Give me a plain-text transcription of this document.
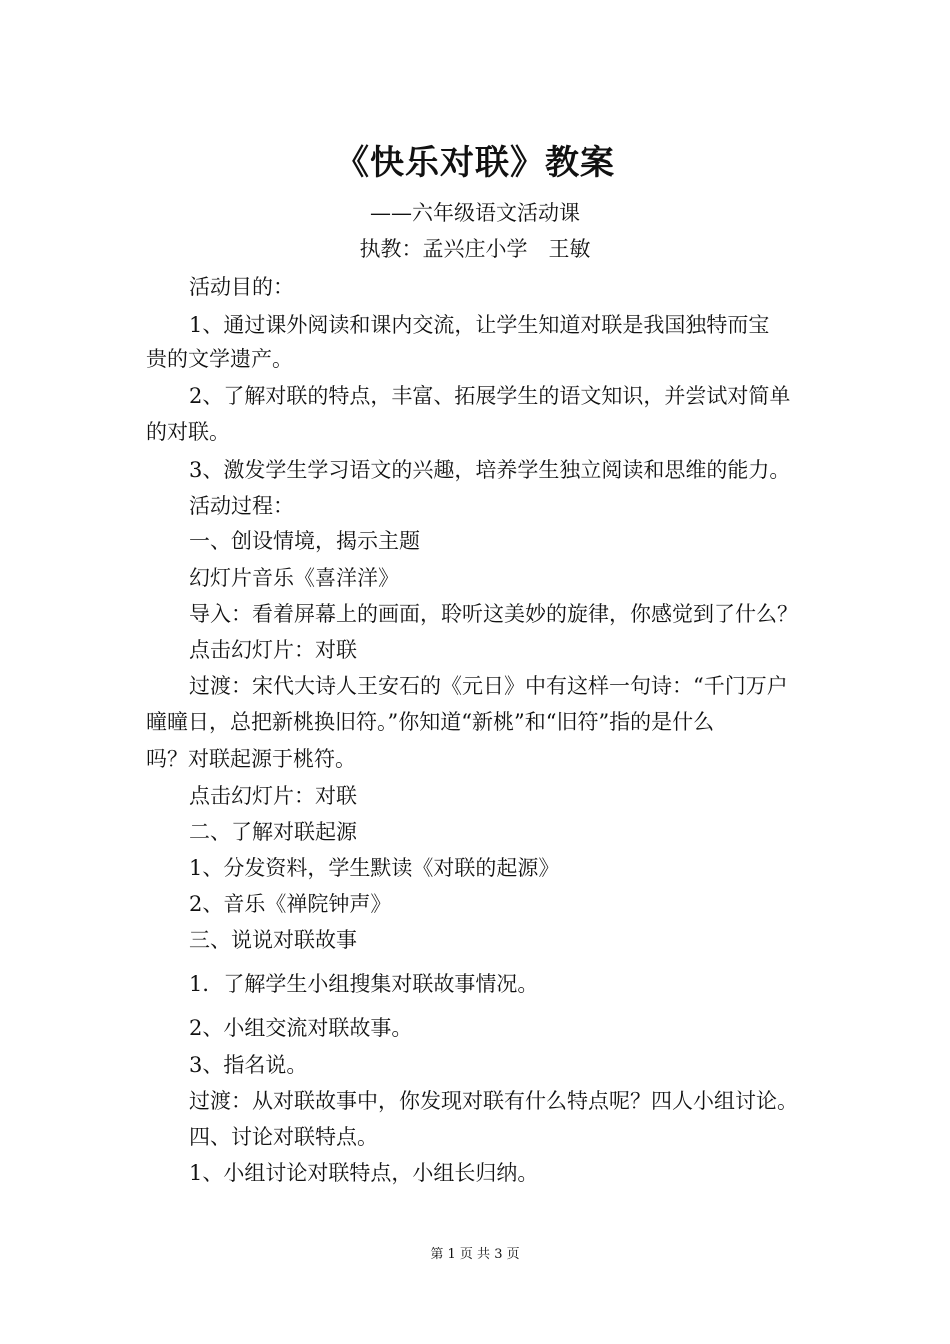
《快乐对联》教案
——六年级语文活动课
执教：孟兴庄小学　王敏
活动目的：
1、通过课外阅读和课内交流，让学生知道对联是我国独特而宝
贵的文学遗产。
2、了解对联的特点，丰富、拓展学生的语文知识，并尝试对简单
的对联。
3、激发学生学习语文的兴趣，培养学生独立阅读和思维的能力。
活动过程：
一、创设情境，揭示主题
幻灯片音乐《喜洋洋》
导入：看着屏幕上的画面，聆听这美妙的旋律，你感觉到了什么？
点击幻灯片：对联
过渡：宋代大诗人王安石的《元日》中有这样一句诗：“千门万户
曈曈日，总把新桃换旧符。”你知道“新桃”和“旧符”指的是什么
吗？对联起源于桃符。
点击幻灯片：对联
二、了解对联起源
1、分发资料，学生默读《对联的起源》
2、音乐《禅院钟声》
三、说说对联故事
1．了解学生小组搜集对联故事情况。
2、小组交流对联故事。
3、指名说。
过渡：从对联故事中，你发现对联有什么特点呢？四人小组讨论。
四、讨论对联特点。
1、小组讨论对联特点，小组长归纳。
第 1 页 共 3 页
